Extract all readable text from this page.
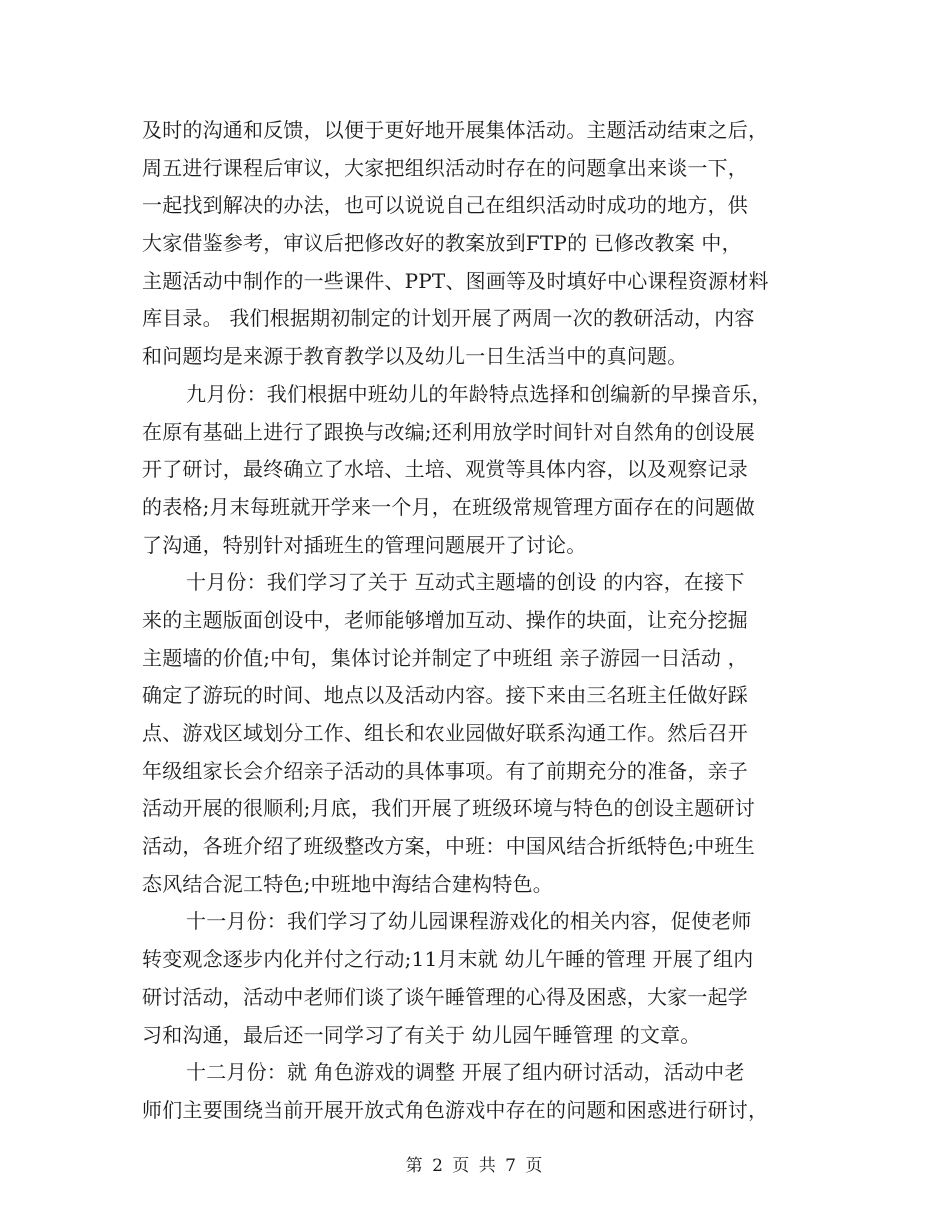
及时的沟通和反馈，以便于更好地开展集体活动。主题活动结束之后，
周五进行课程后审议，大家把组织活动时存在的问题拿出来谈一下，
一起找到解决的办法，也可以说说自己在组织活动时成功的地方，供
大家借鉴参考，审议后把修改好的教案放到FTP的 已修改教案 中，
主题活动中制作的一些课件、PPT、图画等及时填好中心课程资源材料
库目录。 我们根据期初制定的计划开展了两周一次的教研活动，内容
和问题均是来源于教育教学以及幼儿一日生活当中的真问题。
九月份：我们根据中班幼儿的年龄特点选择和创编新的早操音乐，
在原有基础上进行了跟换与改编;还利用放学时间针对自然角的创设展
开了研讨，最终确立了水培、土培、观赏等具体内容，以及观察记录
的表格;月末每班就开学来一个月，在班级常规管理方面存在的问题做
了沟通，特别针对插班生的管理问题展开了讨论。
十月份：我们学习了关于 互动式主题墙的创设 的内容，在接下
来的主题版面创设中，老师能够增加互动、操作的块面，让充分挖掘
主题墙的价值;中旬，集体讨论并制定了中班组 亲子游园一日活动 ，
确定了游玩的时间、地点以及活动内容。接下来由三名班主任做好踩
点、游戏区域划分工作、组长和农业园做好联系沟通工作。然后召开
年级组家长会介绍亲子活动的具体事项。有了前期充分的准备，亲子
活动开展的很顺利;月底，我们开展了班级环境与特色的创设主题研讨
活动，各班介绍了班级整改方案，中班：中国风结合折纸特色;中班生
态风结合泥工特色;中班地中海结合建构特色。
十一月份：我们学习了幼儿园课程游戏化的相关内容，促使老师
转变观念逐步内化并付之行动;11月末就 幼儿午睡的管理 开展了组内
研讨活动，活动中老师们谈了谈午睡管理的心得及困惑，大家一起学
习和沟通，最后还一同学习了有关于 幼儿园午睡管理 的文章。
十二月份：就 角色游戏的调整 开展了组内研讨活动，活动中老
师们主要围绕当前开展开放式角色游戏中存在的问题和困惑进行研讨，
第 2 页 共 7 页
